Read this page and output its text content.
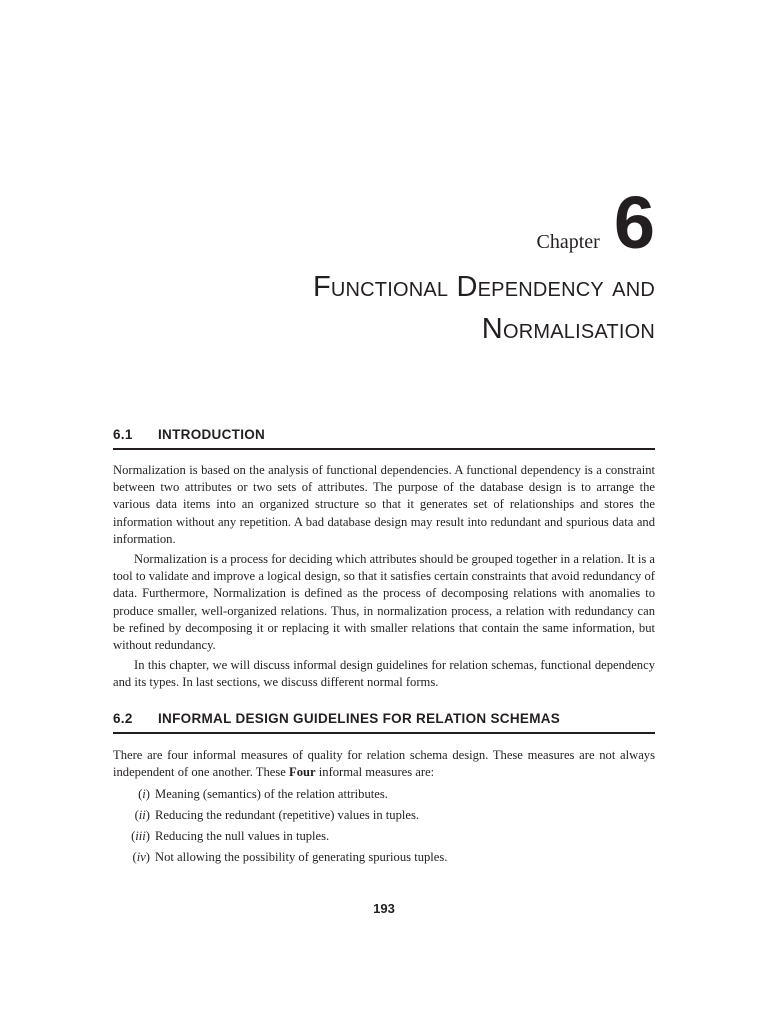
Chapter 6
Functional Dependency and
Normalisation
6.1 INTRODUCTION

Normalization is based on the analysis of functional dependencies. A functional dependency is a constraint between two attributes or two sets of attributes. The purpose of the database design is to arrange the various data items into an organized structure so that it generates set of relationships and stores the information without any repetition. A bad database design may result into redundant and spurious data and information.

Normalization is a process for deciding which attributes should be grouped together in a relation. It is a tool to validate and improve a logical design, so that it satisfies certain constraints that avoid redundancy of data. Furthermore, Normalization is defined as the process of decomposing relations with anomalies to produce smaller, well-organized relations. Thus, in normalization process, a relation with redundancy can be refined by decomposing it or replacing it with smaller relations that contain the same information, but without redundancy.

In this chapter, we will discuss informal design guidelines for relation schemas, functional dependency and its types. In last sections, we discuss different normal forms.

6.2 INFORMAL DESIGN GUIDELINES FOR RELATION SCHEMAS

There are four informal measures of quality for relation schema design. These measures are not always independent of one another. These Four informal measures are:

(i) Meaning (semantics) of the relation attributes.
(ii) Reducing the redundant (repetitive) values in tuples.
(iii) Reducing the null values in tuples.
(iv) Not allowing the possibility of generating spurious tuples.
193
